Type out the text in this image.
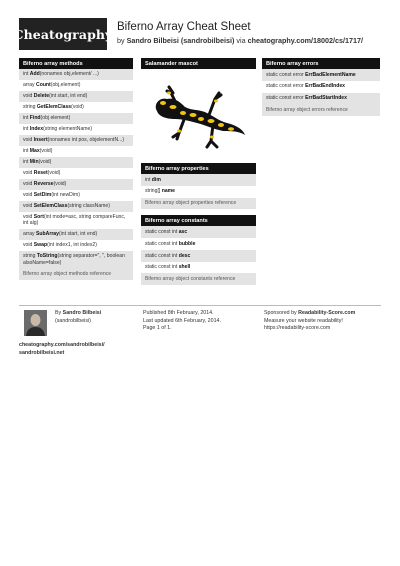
Cheatography Biferno Array Cheat Sheet
by Sandro Bilbeisi (sandrobilbeisi) via cheatography.com/18002/cs/1717/
Biferno array methods
int Add(nonames obj,element/ ...)
array Count(obj,element)
void Delete(int start, int end)
string GetElemClass(void)
int Find(obj element)
int Index(string elementName)
void Insert(nonames int pos, objelementN...)
int Max(void)
int Min(void)
void Reset(void)
void Reverse(void)
void SetDim(int newDim)
void SetElemClass(string className)
void Sort(int mode=asc, string compareFunc, int alg)
array SubArray(int start, int end)
void Swap(int index1, int index2)
string ToString(string separator=", ", boolean alsoName=false)
Biferno array object methods reference
Salamander mascot
Biferno array properties
int dim
string[] name
Biferno array object properties reference
Biferno array constants
static const int asc
static const int bubble
static const int desc
static const int shell
Biferno array object constants reference
Biferno array errors
static const error ErrBadElementName
static const error ErrBadEndIndex
static const error ErrBadStartIndex
Biferno array object errors reference
By Sandro Bilbeisi
(sandrobilbeisi)
cheatography.com/sandrobilbeisi/
sandrobilbeisi.net
Published 8th February, 2014.
Last updated 6th February, 2014.
Page 1 of 1.
Sponsored by Readability-Score.com
Measure your website readability!
https://readability-score.com
